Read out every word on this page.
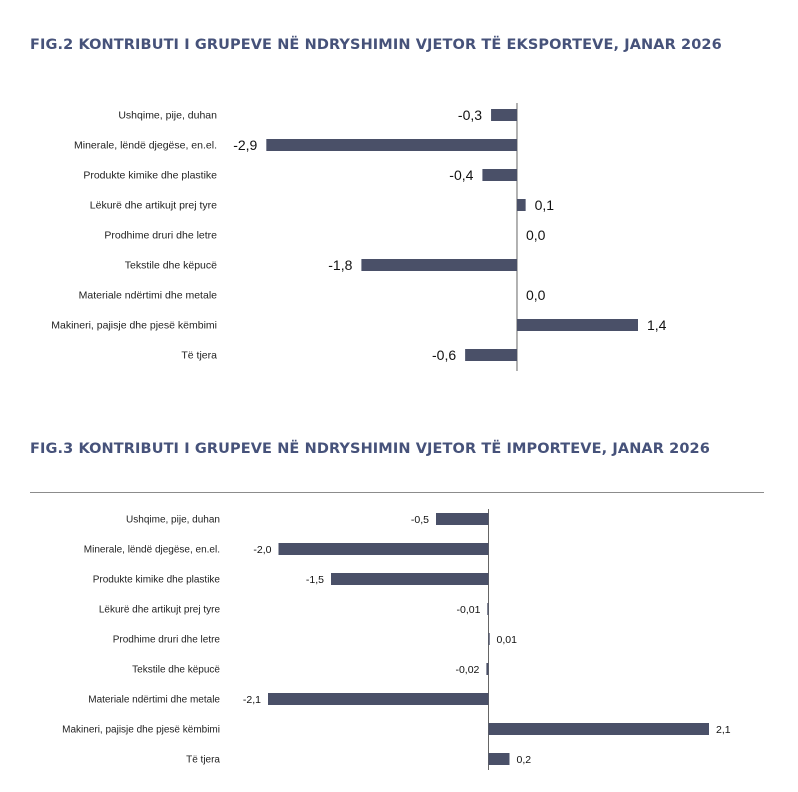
FIG.2 KONTRIBUTI I GRUPEVE NË NDRYSHIMIN VJETOR TË EKSPORTEVE, JANAR 2026
Ushqime, pije, duhan	-0,3
Minerale, lëndë djegëse, en.el. -2,9
Produkte kimike dhe plastike	-0,4
Lëkurë dhe artikujt prej tyre	0,1
Prodhime druri dhe letre	0,0
Tekstile dhe këpucë	-1,8
Materiale ndërtimi dhe metale	0,0
Makineri, pajisje dhe pjesë këmbimi	1,4
Të tjera	-0,6
FIG.3 KONTRIBUTI I GRUPEVE NË NDRYSHIMIN VJETOR TË IMPORTEVE, JANAR 2026
Ushqime, pije, duhan	-0,5
Minerale, lëndë djegëse, en.el.	-2,0
Produkte kimike dhe plastike	-1,5
Lëkurë dhe artikujt prej tyre	-0,01
Prodhime druri dhe letre	0,01
Tekstile dhe këpucë	-0,02
Materiale ndërtimi dhe metale -2,1
Makineri, pajisje dhe pjesë këmbimi	2,1
Të tjera	0,2
